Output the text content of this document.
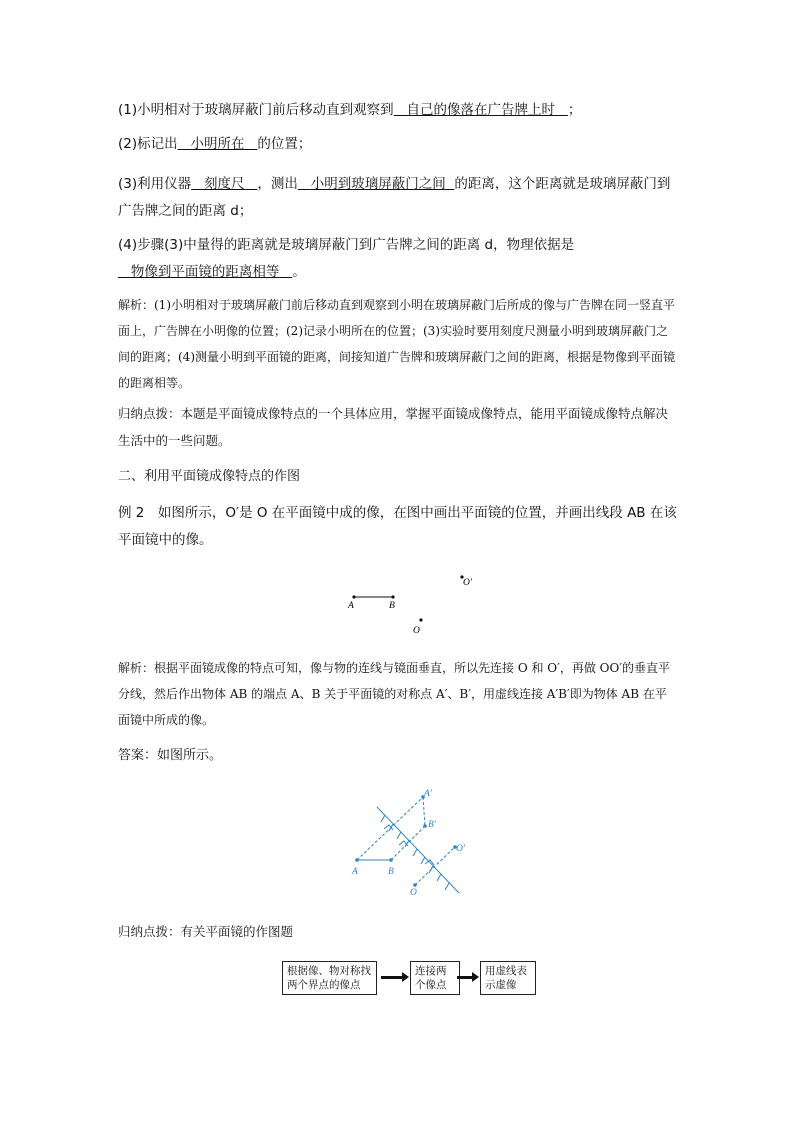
(1)小明相对于玻璃屏蔽门前后移动直到观察到 自己的像落在广告牌上时 ；

(2)标记出 小明所在 的位置；

(3)利用仪器 刻度尺 ，测出 小明到玻璃屏蔽门之间 的距离，这个距离就是玻璃屏蔽门到广告牌之间的距离 d；

(4)步骤(3)中量得的距离就是玻璃屏蔽门到广告牌之间的距离 d，物理依据是   物像到平面镜的距离相等 。

解析：(1)小明相对于玻璃屏蔽门前后移动直到观察到小明在玻璃屏蔽门后所成的像与广告牌在同一竖直平面上，广告牌在小明像的位置；(2)记录小明所在的位置；(3)实验时要用刻度尺测量小明到玻璃屏蔽门之间的距离；(4)测量小明到平面镜的距离，间接知道广告牌和玻璃屏蔽门之间的距离，根据是物像到平面镜的距离相等。

归纳点拨：本题是平面镜成像特点的一个具体应用，掌握平面镜成像特点，能用平面镜成像特点解决生活中的一些问题。

二、利用平面镜成像特点的作图

例 2　如图所示，O′是 O 在平面镜中成的像，在图中画出平面镜的位置，并画出线段 AB 在该平面镜中的像。

A	B
O
O′

解析：根据平面镜成像的特点可知，像与物的连线与镜面垂直，所以先连接 O 和 O′，再做 OO′的垂直平分线，然后作出物体 AB 的端点 A、B 关于平面镜的对称点 A′、B′，用虚线连接 A′B′即为物体 AB 在平面镜中所成的像。

答案：如图所示。

A	B
A′
B′
O
O′

归纳点拨：有关平面镜的作图题

根据像、物对称找
两个界点的像点
连接两
个像点
用虚线表
示虚像
